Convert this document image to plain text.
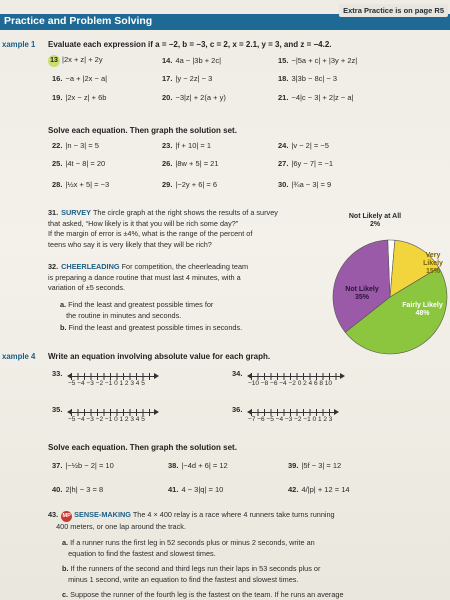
Practice and Problem Solving
Extra Practice is on page R5
xample 1 Evaluate each expression if a = −2, b = −3, c = 2, x = 2.1, y = 3, and z = −4.2.
13 |2x + z| + 2y	14. 4a − |3b + 2c|	15. −|5a + c| + |3y + 2z|
16. −a + |2x − a|	17. |y − 2z| − 3	18. 3|3b − 8c| − 3
19. |2x − z| + 6b	20. −3|z| + 2(a + y)	21. −4|c − 3| + 2|z − a|
Solve each equation. Then graph the solution set.
22. |n − 3| = 5	23. |f + 10| = 1	24. |v − 2| = −5
25. |4t − 8| = 20	26. |8w + 5| = 21	27. |6y − 7| = −1
28. |½x + 5| = −3	29. |−2y + 6| = 6	30. |¾a − 3| = 9
31. SURVEY The circle graph at the right shows the results of a survey
that asked, “How likely is it that you will be rich some day?”
If the margin of error is ±4%, what is the range of the percent of
teens who say it is very likely that they will be rich?
32. CHEERLEADING For competition, the cheerleading team
is preparing a dance routine that must last 4 minutes, with a
variation of ±5 seconds.
a. Find the least and greatest possible times for
the routine in minutes and seconds.
b. Find the least and greatest possible times in seconds.
Not Likely at All
2%
Very Likely
15%
Fairly Likely
48%
Not Likely
35%
xample 4 Write an equation involving absolute value for each graph.
33.
−5 −4 −3 −2 −1 0 1 2 3 4 5
34.
−10 −8 −6 −4 −2 0 2 4 6 8 10
35.
−5 −4 −3 −2 −1 0 1 2 3 4 5
36.
−7 −6 −5 −4 −3 −2 −1 0 1 2 3
Solve each equation. Then graph the solution set.
37. |−½b − 2| = 10	38. |−4d + 6| = 12	39. |5f − 3| = 12
40. 2|h| − 3 = 8	41. 4 − 3|q| = 10	42. 4/|p| + 12 = 14
43. MP SENSE-MAKING The 4 × 400 relay is a race where 4 runners take turns running
400 meters, or one lap around the track.
a. If a runner runs the first leg in 52 seconds plus or minus 2 seconds, write an
equation to find the fastest and slowest times.
b. If the runners of the second and third legs run their laps in 53 seconds plus or
minus 1 second, write an equation to find the fastest and slowest times.
c. Suppose the runner of the fourth leg is the fastest on the team. If he runs an average
